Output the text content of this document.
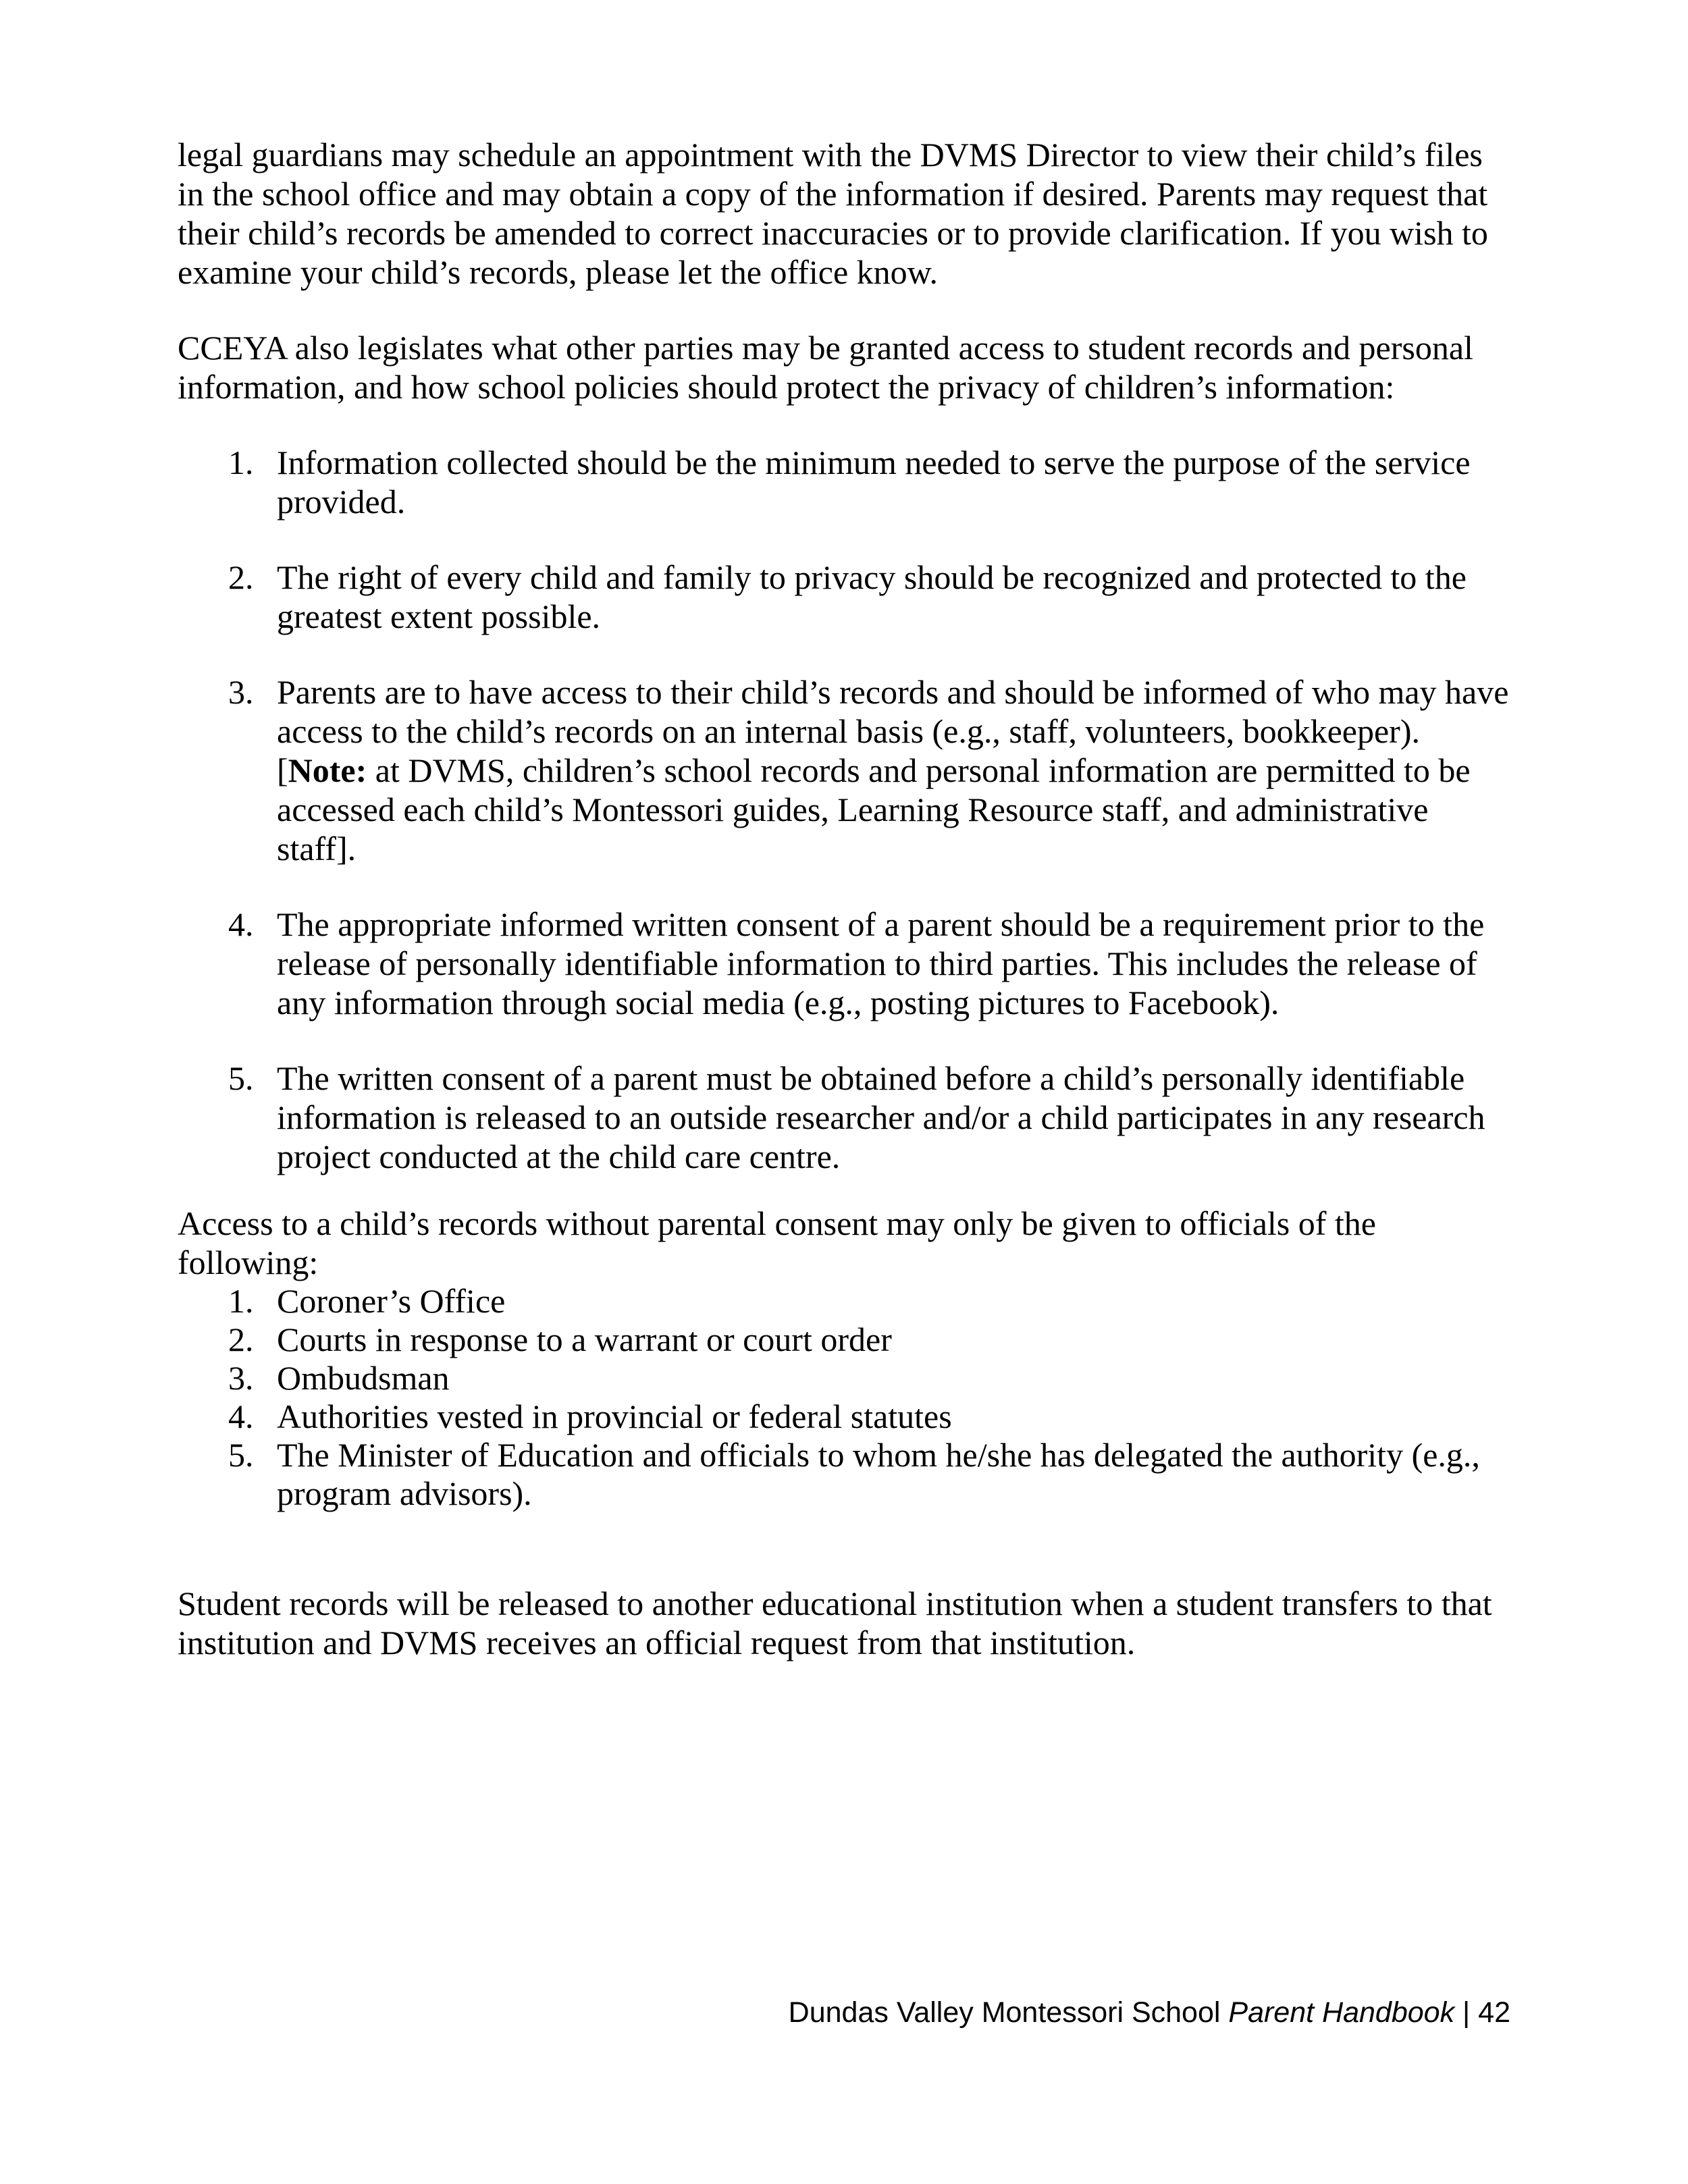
legal guardians may schedule an appointment with the DVMS Director to view their child’s files in the school office and may obtain a copy of the information if desired. Parents may request that their child’s records be amended to correct inaccuracies or to provide clarification. If you wish to examine your child’s records, please let the office know.

CCEYA also legislates what other parties may be granted access to student records and personal information, and how school policies should protect the privacy of children’s information:

1. Information collected should be the minimum needed to serve the purpose of the service provided.
2. The right of every child and family to privacy should be recognized and protected to the greatest extent possible.
3. Parents are to have access to their child’s records and should be informed of who may have access to the child’s records on an internal basis (e.g., staff, volunteers, bookkeeper). [Note: at DVMS, children’s school records and personal information are permitted to be accessed each child’s Montessori guides, Learning Resource staff, and administrative staff].
4. The appropriate informed written consent of a parent should be a requirement prior to the release of personally identifiable information to third parties. This includes the release of any information through social media (e.g., posting pictures to Facebook).
5. The written consent of a parent must be obtained before a child’s personally identifiable information is released to an outside researcher and/or a child participates in any research project conducted at the child care centre.

Access to a child’s records without parental consent may only be given to officials of the following:

1. Coroner’s Office
2. Courts in response to a warrant or court order
3. Ombudsman
4. Authorities vested in provincial or federal statutes
5. The Minister of Education and officials to whom he/she has delegated the authority (e.g., program advisors).

Student records will be released to another educational institution when a student transfers to that institution and DVMS receives an official request from that institution.

Dundas Valley Montessori School Parent Handbook | 42
